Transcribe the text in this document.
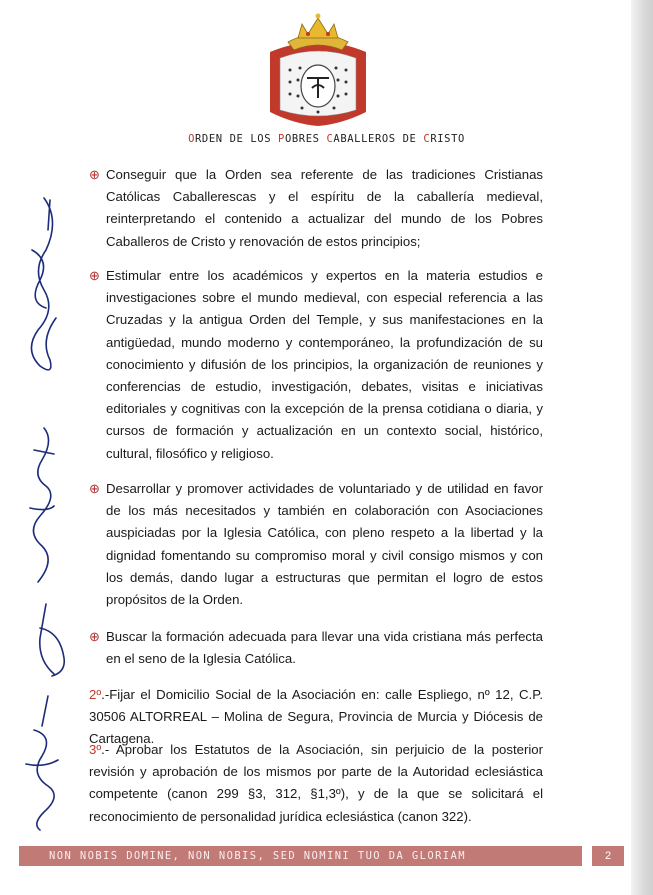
ORDEN DE LOS POBRES CABALLEROS DE CRISTO
⊕ Conseguir que la Orden sea referente de las tradiciones Cristianas Católicas Caballerescas y el espíritu de la caballería medieval, reinterpretando el contenido a actualizar del mundo de los Pobres Caballeros de Cristo y renovación de estos principios;
⊕ Estimular entre los académicos y expertos en la materia estudios e investigaciones sobre el mundo medieval, con especial referencia a las Cruzadas y la antigua Orden del Temple, y sus manifestaciones en la antigüedad, mundo moderno y contemporáneo, la profundización de su conocimiento y difusión de los principios, la organización de reuniones y conferencias de estudio, investigación, debates, visitas e iniciativas editoriales y cognitivas con la excepción de la prensa cotidiana o diaria, y cursos de formación y actualización en un contexto social, histórico, cultural, filosófico y religioso.
⊕ Desarrollar y promover actividades de voluntariado y de utilidad en favor de los más necesitados y también en colaboración con Asociaciones auspiciadas por la Iglesia Católica, con pleno respeto a la libertad y la dignidad fomentando su compromiso moral y civil consigo mismos y con los demás, dando lugar a estructuras que permitan el logro de estos propósitos de la Orden.
⊕ Buscar la formación adecuada para llevar una vida cristiana más perfecta en el seno de la Iglesia Católica.
2º.-Fijar el Domicilio Social de la Asociación en: calle Espliego, nº 12, C.P. 30506 ALTORREAL – Molina de Segura, Provincia de Murcia y Diócesis de Cartagena.
3º.- Aprobar los Estatutos de la Asociación, sin perjuicio de la posterior revisión y aprobación de los mismos por parte de la Autoridad eclesiástica competente (canon 299 §3, 312, §1,3º), y de la que se solicitará el reconocimiento de personalidad jurídica eclesiástica (canon 322).
NON NOBIS DOMINE, NON NOBIS, SED NOMINI TUO DA GLORIAM	2
